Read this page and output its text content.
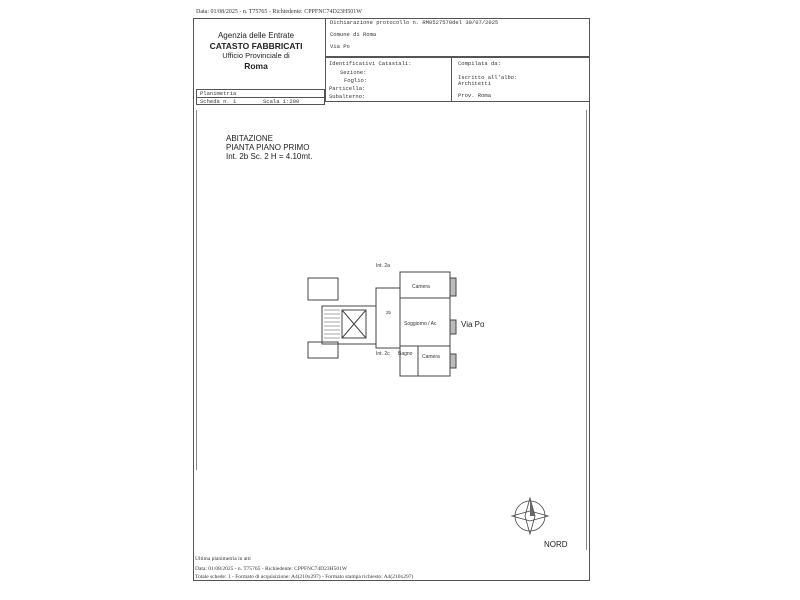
Data: 01/08/2025 - n. T75765 - Richiedente: CPPFNC74D23H501W
Agenzia delle Entrate
CATASTO FABBRICATI
Ufficio Provinciale di
Roma
Dichiarazione protocollo n. RM0527570del 30/07/2025
Comune di Roma
Via Po
Identificativi Catastali:
Sezione:
Foglio:
Particella:
Subalterno:
Compilata da:
Iscritto all'albo:
Architetti
Prov. Roma
Planimetria
Scheda n. 1	Scala 1:200
ABITAZIONE
PIANTA PIANO PRIMO
Int. 2b Sc. 2 H = 4.10mt.
Int. 2a
Int. 2c
Camera
Soggiorno / Ac
Bagno Camera
2b
Via Po
NORD
Ultima planimetria in atti
Data: 01/08/2025 - n. T75765 - Richiedente: CPPFNC74D23H501W
Totale schede: 1 - Formato di acquisizione: A4(210x297) - Formato stampa richiesto: A4(210x297)
